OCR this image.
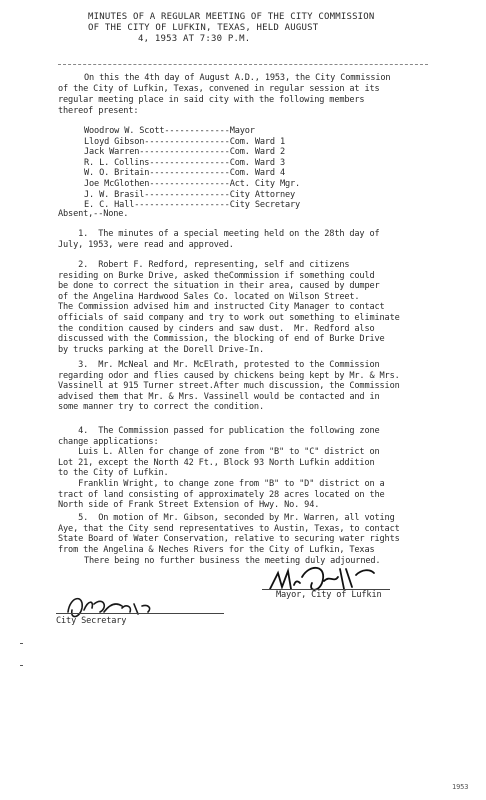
MINUTES OF A REGULAR MEETING OF THE CITY COMMISSION
OF THE CITY OF LUFKIN, TEXAS, HELD AUGUST
4, 1953 AT 7:30 P.M.
On this the 4th day of August A.D., 1953, the City Commission
of the City of Lufkin, Texas, convened in regular session at its
regular meeting place in said city with the following members
thereof present:
Woodrow W. Scott-------------Mayor
Lloyd Gibson-----------------Com. Ward 1
Jack Warren------------------Com. Ward 2
R. L. Collins----------------Com. Ward 3
W. O. Britain----------------Com. Ward 4
Joe McGlothen----------------Act. City Mgr.
J. W. Brasil-----------------City Attorney
E. C. Hall-------------------City Secretary
Absent,--None.
1.  The minutes of a special meeting held on the 28th day of
July, 1953, were read and approved.
2.  Robert F. Redford, representing, self and citizens
residing on Burke Drive, asked theCommission if something could
be done to correct the situation in their area, caused by dumper
of the Angelina Hardwood Sales Co. located on Wilson Street.
The Commission advised him and instructed City Manager to contact
officials of said company and try to work out something to eliminate
the condition caused by cinders and saw dust.  Mr. Redford also
discussed with the Commission, the blocking of end of Burke Drive
by trucks parking at the Dorell Drive-In.
3.  Mr. McNeal and Mr. McElrath, protested to the Commission
regarding odor and flies caused by chickens being kept by Mr. & Mrs.
Vassinell at 915 Turner street.After much discussion, the Commission
advised them that Mr. & Mrs. Vassinell would be contacted and in
some manner try to correct the condition.
4.  The Commission passed for publication the following zone
change applications:
Luis L. Allen for change of zone from "B" to "C" district on
Lot 21, except the North 42 Ft., Block 93 North Lufkin addition
to the City of Lufkin.
Franklin Wright, to change zone from "B" to "D" district on a
tract of land consisting of approximately 28 acres located on the
North side of Frank Street Extension of Hwy. No. 94.
5.  On motion of Mr. Gibson, seconded by Mr. Warren, all voting
Aye, that the City send representatives to Austin, Texas, to contact
State Board of Water Conservation, relative to securing water rights
from the Angelina & Neches Rivers for the City of Lufkin, Texas
There being no further business the meeting duly adjourned.
Mayor, City of Lufkin
City Secretary
1953
